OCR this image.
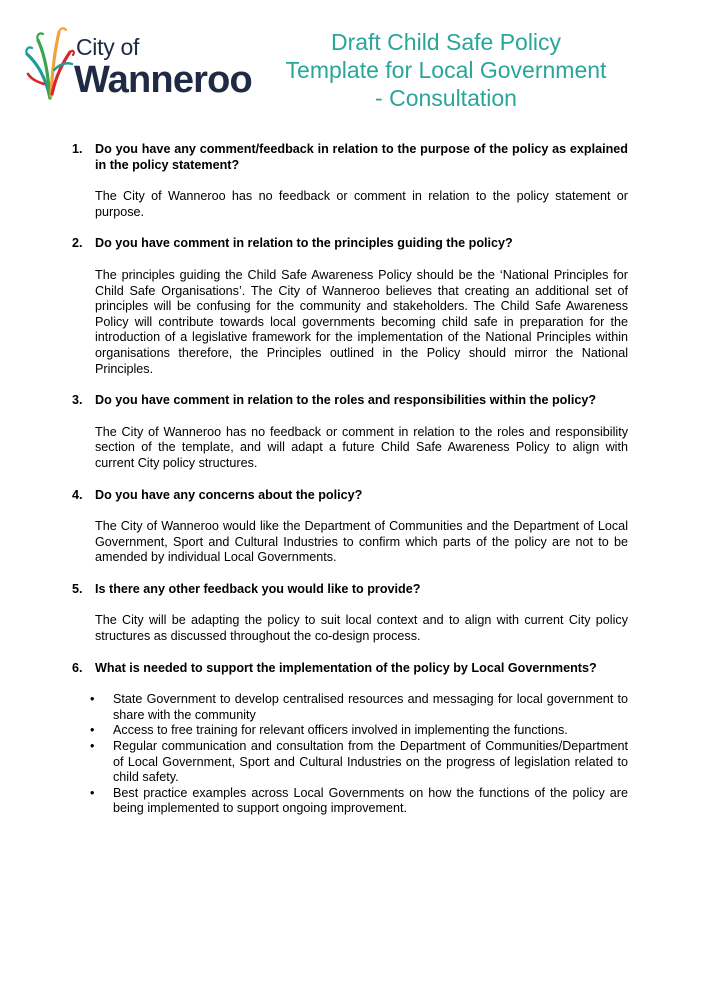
City of
Wanneroo
Draft Child Safe Policy
Template for Local Government
- Consultation
1. Do you have any comment/feedback in relation to the purpose of the policy as explained in the policy statement?
The City of Wanneroo has no feedback or comment in relation to the policy statement or purpose.
2. Do you have comment in relation to the principles guiding the policy?
The principles guiding the Child Safe Awareness Policy should be the ‘National Principles for Child Safe Organisations’. The City of Wanneroo believes that creating an additional set of principles will be confusing for the community and stakeholders. The Child Safe Awareness Policy will contribute towards local governments becoming child safe in preparation for the introduction of a legislative framework for the implementation of the National Principles within organisations therefore, the Principles outlined in the Policy should mirror the National Principles.
3. Do you have comment in relation to the roles and responsibilities within the policy?
The City of Wanneroo has no feedback or comment in relation to the roles and responsibility section of the template, and will adapt a future Child Safe Awareness Policy to align with current City policy structures.
4. Do you have any concerns about the policy?
The City of Wanneroo would like the Department of Communities and the Department of Local Government, Sport and Cultural Industries to confirm which parts of the policy are not to be amended by individual Local Governments.
5. Is there any other feedback you would like to provide?
The City will be adapting the policy to suit local context and to align with current City policy structures as discussed throughout the co-design process.
6. What is needed to support the implementation of the policy by Local Governments?
• State Government to develop centralised resources and messaging for local government to share with the community
• Access to free training for relevant officers involved in implementing the functions.
• Regular communication and consultation from the Department of Communities/Department of Local Government, Sport and Cultural Industries on the progress of legislation related to child safety.
• Best practice examples across Local Governments on how the functions of the policy are being implemented to support ongoing improvement.
